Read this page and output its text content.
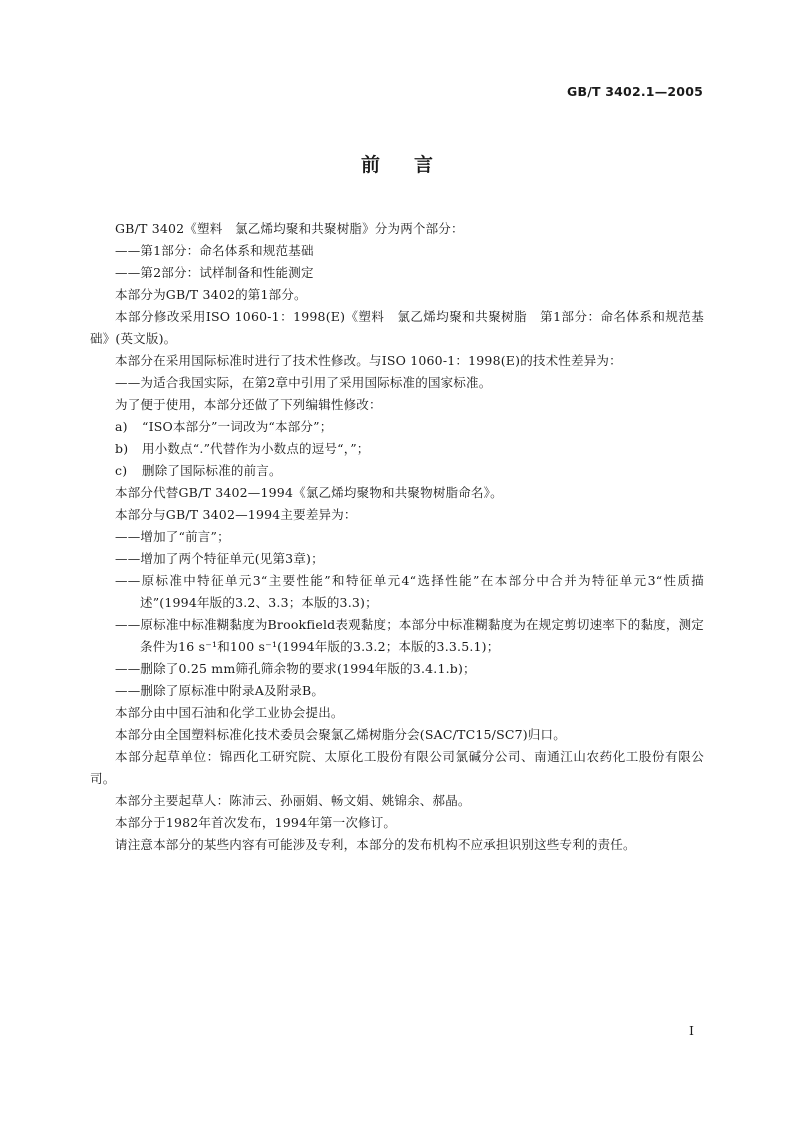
GB/T 3402.1—2005
前言

GB/T 3402《塑料　氯乙烯均聚和共聚树脂》分为两个部分：

——第1部分：命名体系和规范基础

——第2部分：试样制备和性能测定

本部分为GB/T 3402的第1部分。

本部分修改采用ISO 1060-1：1998(E)《塑料　氯乙烯均聚和共聚树脂　第1部分：命名体系和规范基础》(英文版)。

本部分在采用国际标准时进行了技术性修改。与ISO 1060-1：1998(E)的技术性差异为：

——为适合我国实际，在第2章中引用了采用国际标准的国家标准。

为了便于使用，本部分还做了下列编辑性修改：

a)	“ISO本部分”一词改为“本部分”；
b)	用小数点“.”代替作为小数点的逗号“，”；
c)	删除了国际标准的前言。

本部分代替GB/T 3402—1994《氯乙烯均聚物和共聚物树脂命名》。

本部分与GB/T 3402—1994主要差异为：

——增加了“前言”；

——增加了两个特征单元(见第3章)；

——原标准中特征单元3“主要性能”和特征单元4“选择性能”在本部分中合并为特征单元3“性质描述”(1994年版的3.2、3.3；本版的3.3)；

——原标准中标准糊黏度为Brookfield表观黏度；本部分中标准糊黏度为在规定剪切速率下的黏度，测定条件为16 s⁻¹和100 s⁻¹(1994年版的3.3.2；本版的3.3.5.1)；

——删除了0.25 mm筛孔筛余物的要求(1994年版的3.4.1.b)；

——删除了原标准中附录A及附录B。

本部分由中国石油和化学工业协会提出。

本部分由全国塑料标准化技术委员会聚氯乙烯树脂分会(SAC/TC15/SC7)归口。

本部分起草单位：锦西化工研究院、太原化工股份有限公司氯碱分公司、南通江山农药化工股份有限公司。

本部分主要起草人：陈沛云、孙丽娟、畅文娟、姚锦余、郝晶。

本部分于1982年首次发布，1994年第一次修订。

请注意本部分的某些内容有可能涉及专利，本部分的发布机构不应承担识别这些专利的责任。

I
